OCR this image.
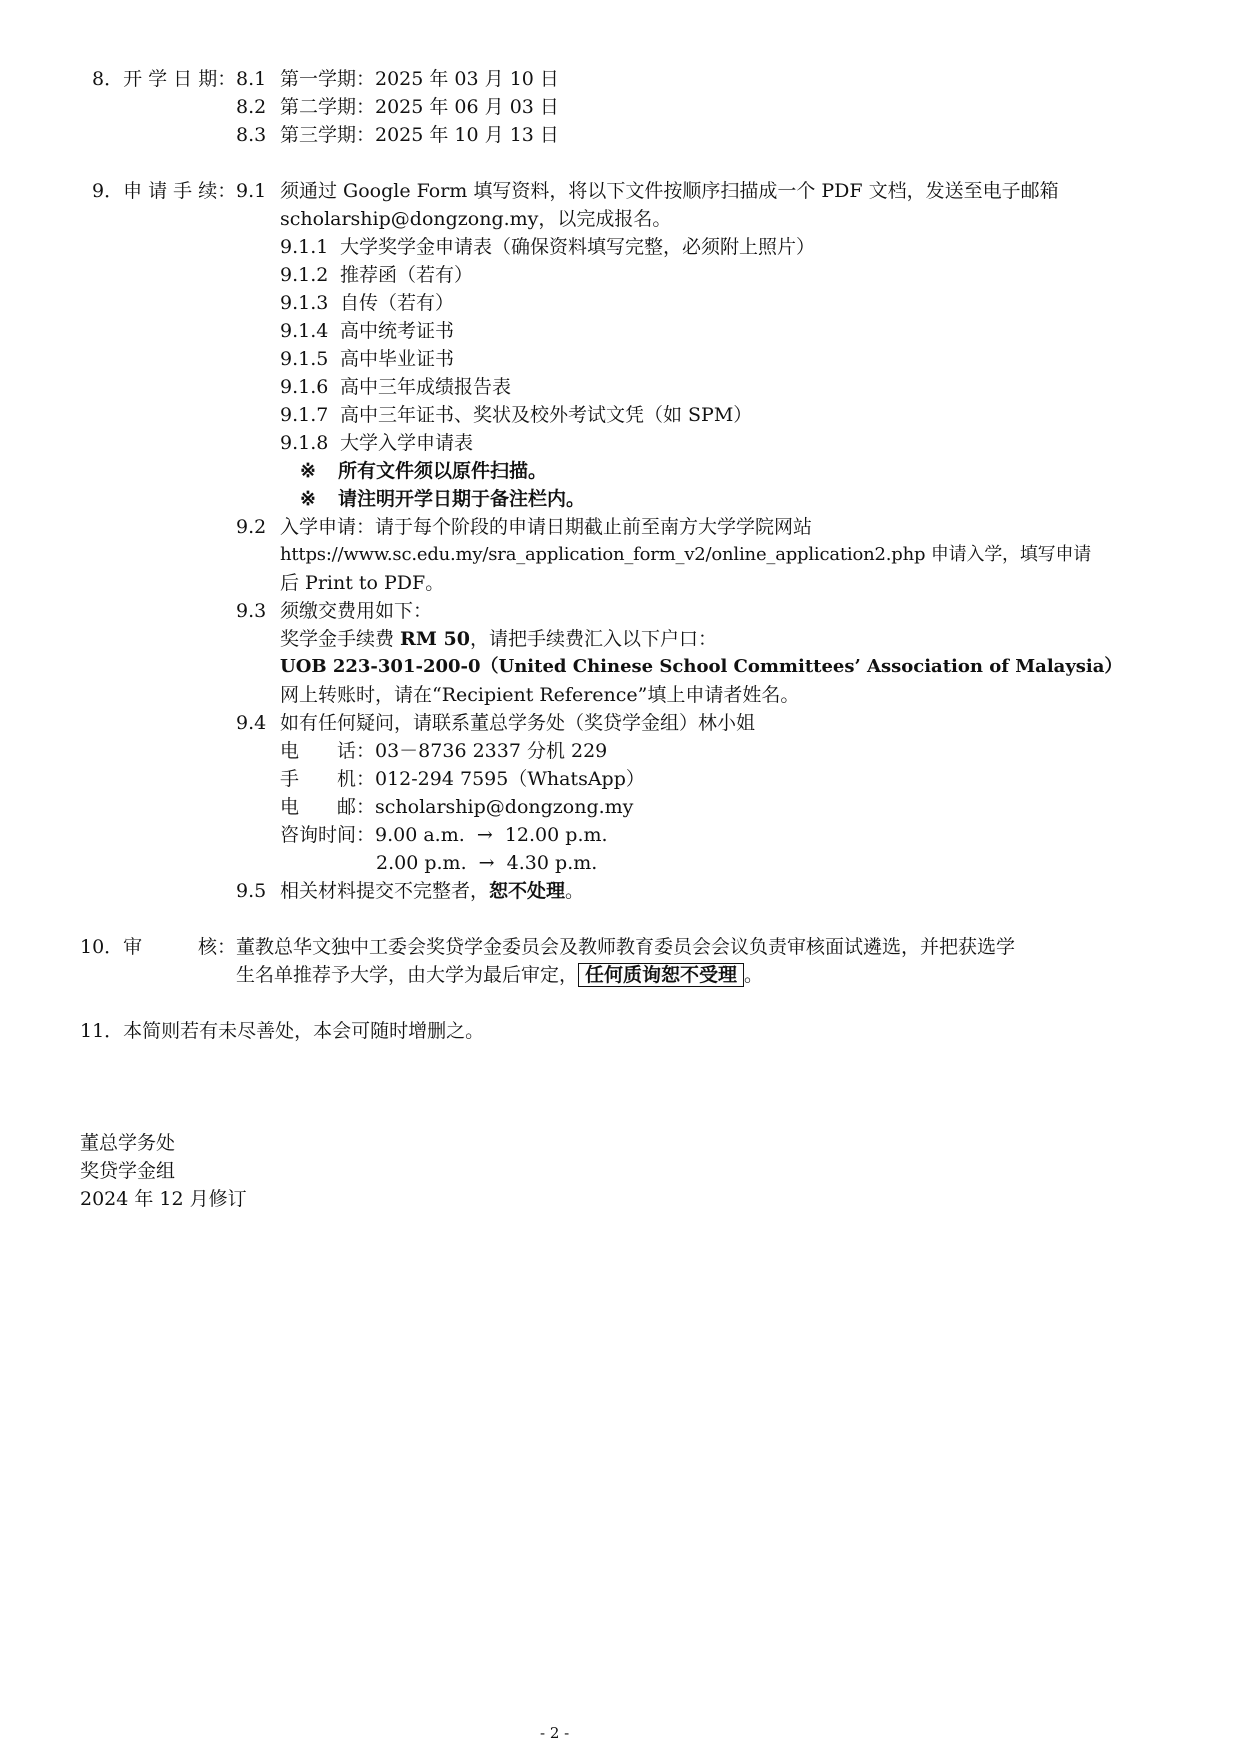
8．开 学 日 期： 8.1 第一学期：2025 年 03 月 10 日
8.2 第二学期：2025 年 06 月 03 日
8.3 第三学期：2025 年 10 月 13 日
9．申 请 手 续： 9.1 须通过 Google Form 填写资料，将以下文件按顺序扫描成一个 PDF 文档，发送至电子邮箱
scholarship@dongzong.my，以完成报名。
9.1.1 大学奖学金申请表（确保资料填写完整，必须附上照片）
9.1.2 推荐函（若有）
9.1.3 自传（若有）
9.1.4 高中统考证书
9.1.5 高中毕业证书
9.1.6 高中三年成绩报告表
9.1.7 高中三年证书、奖状及校外考试文凭（如 SPM）
9.1.8 大学入学申请表
※ 所有文件须以原件扫描。
※ 请注明开学日期于备注栏内。
9.2 入学申请：请于每个阶段的申请日期截止前至南方大学学院网站
https://www.sc.edu.my/sra_application_form_v2/online_application2.php 申请入学，填写申请
后 Print to PDF。
9.3 须缴交费用如下：
奖学金手续费 RM 50，请把手续费汇入以下户口：
UOB 223-301-200-0（United Chinese School Committees’ Association of Malaysia）
网上转账时，请在“Recipient Reference”填上申请者姓名。
9.4 如有任何疑问，请联系董总学务处（奖贷学金组）林小姐
电　　话：03－8736 2337 分机 229
手　　机：012-294 7595（WhatsApp）
电　　邮：scholarship@dongzong.my
咨询时间：9.00 a.m.  →  12.00 p.m.
2.00 p.m.  →  4.30 p.m.
9.5 相关材料提交不完整者，恕不处理。
10．审	核： 董教总华文独中工委会奖贷学金委员会及教师教育委员会会议负责审核面试遴选，并把获选学
生名单推荐予大学，由大学为最后审定， 任何质询恕不受理 。
11．本简则若有未尽善处，本会可随时增删之。
董总学务处
奖贷学金组
2024 年 12 月修订
- 2 -
